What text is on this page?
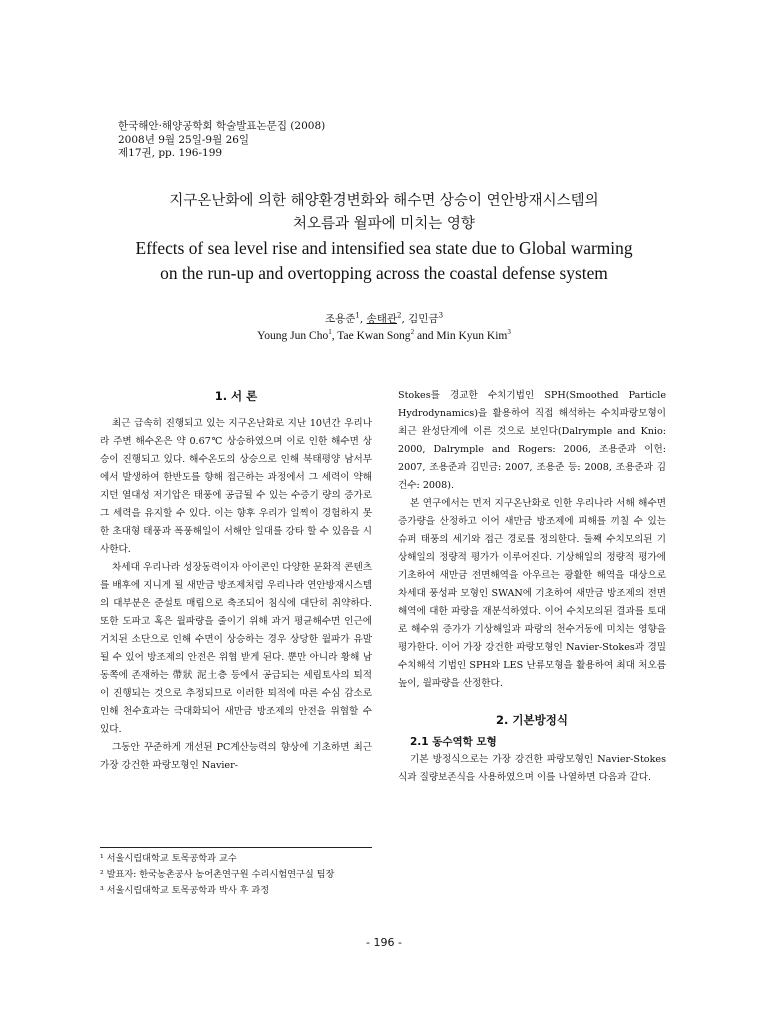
한국해안·해양공학회 학술발표논문집 (2008)
2008년 9월 25일-9월 26일
제17권, pp. 196-199
지구온난화에 의한 해양환경변화와 해수면 상승이 연안방재시스템의
처오름과 월파에 미치는 영향
Effects of sea level rise and intensified sea state due to Global warming
on the run-up and overtopping across the coastal defense system
조용준$^1$, 송태관$^2$, 김민금$^3$
Young Jun Cho$^1$, Tae Kwan Song$^2$ and Min Kyun Kim$^3$
1. 서 론

최근 급속히 진행되고 있는 지구온난화로 지난 10년간 우리나라 주변 해수온은 약 0.67℃ 상승하였으며 이로 인한 해수면 상승이 진행되고 있다. 해수온도의 상승으로 인해 북태평양 남서부에서 발생하여 한반도를 향해 접근하는 과정에서 그 세력이 약해지던 열대성 저기압은 태풍에 공급될 수 있는 수증기 량의 증가로 그 세력을 유지할 수 있다. 이는 향후 우리가 일찍이 경험하지 못한 초대형 태풍과 폭풍해일이 서해안 일대를 강타 할 수 있음을 시사한다.

차세대 우리나라 성장동력이자 아이콘인 다양한 문화적 콘텐츠를 배후에 지니게 될 새만금 방조제처럼 우리나라 연안방재시스템의 대부분은 준설토 매립으로 축조되어 침식에 대단히 취약하다. 또한 도파고 혹은 월파량을 줄이기 위해 과거 평균해수면 인근에 거치된 소단으로 인해 수면이 상승하는 경우 상당한 월파가 유발될 수 있어 방조제의 안전은 위협 받게 된다. 뿐만 아니라 황해 남동쪽에 존재하는 帶狀 泥土층 등에서 공급되는 세립토사의 퇴적이 진행되는 것으로 추정되므로 이러한 퇴적에 따른 수심 감소로 인해 천수효과는 극대화되어 새만금 방조제의 안전을 위협할 수 있다.

그동안 꾸준하게 개선된 PC계산능력의 향상에 기초하면 최근 가장 강건한 파랑모형인 Navier-

Stokes를 경교한 수치기법인 SPH(Smoothed Particle Hydrodynamics)을 활용하여 직접 해석하는 수치파랑모형이 최근 완성단계에 이른 것으로 보인다(Dalrymple and Knio: 2000, Dalrymple and Rogers: 2006, 조용준과 이헌: 2007, 조용준과 김민금: 2007, 조용준 등: 2008, 조용준과 김건수: 2008).

본 연구에서는 먼저 지구온난화로 인한 우리나라 서해 해수면 증가량을 산정하고 이어 새만금 방조제에 피해를 끼칠 수 있는 슈퍼 태풍의 세기와 접근 경로를 정의한다. 둘째 수치모의된 기상해일의 정량적 평가가 이루어진다. 기상해일의 정량적 평가에 기초하여 새만금 전면해역을 아우르는 광활한 해역을 대상으로 차세대 풍성파 모형인 SWAN에 기초하여 새만금 방조제의 전면해역에 대한 파랑을 재분석하였다. 이어 수치모의된 결과를 토대로 해수위 증가가 기상해일과 파랑의 천수거동에 미치는 영향을 평가한다. 이어 가장 강건한 파랑모형인 Navier-Stokes과 경밀수치해석 기법인 SPH와 LES 난류모형을 활용하여 최대 처오름 높이, 월파량을 산정한다.

2. 기본방정식
2.1 동수역학 모형

기본 방정식으로는 가장 강건한 파랑모형인 Navier-Stokes식과 질량보존식을 사용하였으며 이를 나열하면 다음과 같다.

¹ 서울시립대학교 토목공학과 교수
² 발표자: 한국농촌공사 농어촌연구원 수리시험연구실 팀장
³ 서울시립대학교 토목공학과 박사 후 과정
- 196 -
